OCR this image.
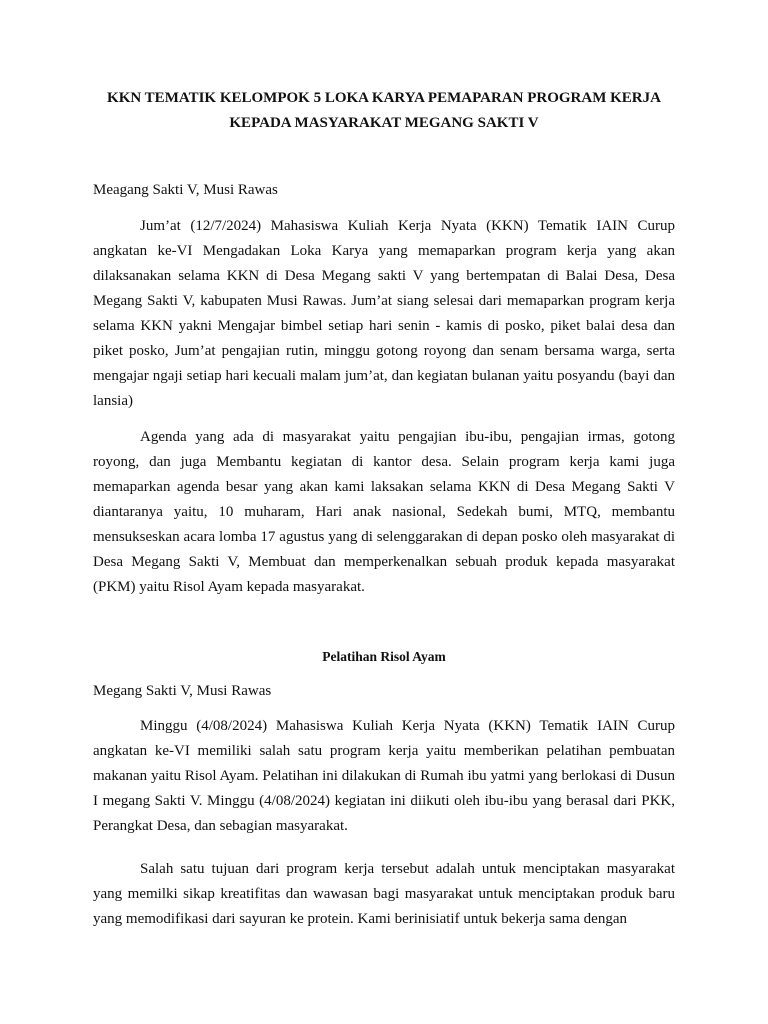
KKN TEMATIK KELOMPOK 5 LOKA KARYA PEMAPARAN PROGRAM KERJA
KEPADA MASYARAKAT MEGANG SAKTI V

Meagang Sakti V, Musi Rawas

Jum’at (12/7/2024) Mahasiswa Kuliah Kerja Nyata (KKN) Tematik IAIN Curup angkatan ke-VI Mengadakan Loka Karya yang memaparkan program kerja yang akan dilaksanakan selama KKN di Desa Megang sakti V yang bertempatan di Balai Desa, Desa Megang Sakti V, kabupaten Musi Rawas. Jum’at siang selesai dari memaparkan program kerja selama KKN yakni Mengajar bimbel setiap hari senin - kamis di posko, piket balai desa dan piket posko, Jum’at pengajian rutin, minggu gotong royong dan senam bersama warga, serta mengajar ngaji setiap hari kecuali malam jum’at, dan kegiatan bulanan yaitu posyandu (bayi dan lansia)

Agenda yang ada di masyarakat yaitu pengajian ibu-ibu, pengajian irmas, gotong royong, dan juga Membantu kegiatan di kantor desa. Selain program kerja kami juga memaparkan agenda besar yang akan kami laksakan selama KKN di Desa Megang Sakti V diantaranya yaitu, 10 muharam, Hari anak nasional, Sedekah bumi, MTQ, membantu mensukseskan acara lomba 17 agustus yang di selenggarakan di depan posko oleh masyarakat di Desa Megang Sakti V, Membuat dan memperkenalkan sebuah produk kepada masyarakat (PKM) yaitu Risol Ayam kepada masyarakat.

Pelatihan Risol Ayam

Megang Sakti V, Musi Rawas

Minggu (4/08/2024) Mahasiswa Kuliah Kerja Nyata (KKN) Tematik IAIN Curup angkatan ke-VI memiliki salah satu program kerja yaitu memberikan pelatihan pembuatan makanan yaitu Risol Ayam. Pelatihan ini dilakukan di Rumah ibu yatmi yang berlokasi di Dusun I megang Sakti V. Minggu (4/08/2024) kegiatan ini diikuti oleh ibu-ibu yang berasal dari PKK, Perangkat Desa, dan sebagian masyarakat.

Salah satu tujuan dari program kerja tersebut adalah untuk menciptakan masyarakat yang memilki sikap kreatifitas dan wawasan bagi masyarakat untuk menciptakan produk baru yang memodifikasi dari sayuran ke protein. Kami berinisiatif untuk bekerja sama dengan
